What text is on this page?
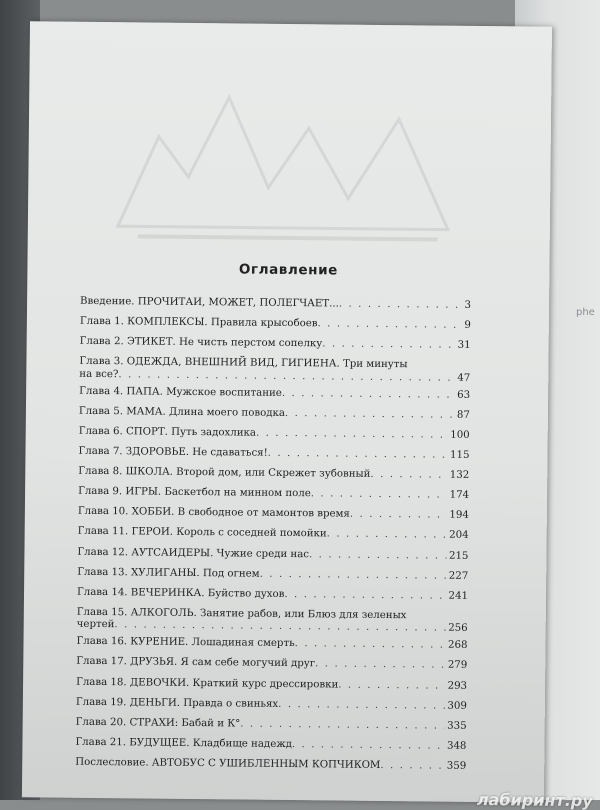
phe
Оглавление
Введение. ПРОЧИТАЙ, МОЖЕТ, ПОЛЕГЧАЕТ... . . .	3
Глава 1. КОМПЛЕКСЫ. Правила крысобоев . . .	9
Глава 2. ЭТИКЕТ. Не чисть перстом сопелку . . .	31
Глава 3. ОДЕЖДА, ВНЕШНИЙ ВИД, ГИГИЕНА. Три минуты
на все? . . .	47
Глава 4. ПАПА. Мужское воспитание . . .	63
Глава 5. МАМА. Длина моего поводка . . .	87
Глава 6. СПОРТ. Путь задохлика . . .	100
Глава 7. ЗДОРОВЬЕ. Не сдаваться! . . .	115
Глава 8. ШКОЛА. Второй дом, или Скрежет зубовный . . .	132
Глава 9. ИГРЫ. Баскетбол на минном поле . . .	174
Глава 10. ХОББИ. В свободное от мамонтов время . . .	194
Глава 11. ГЕРОИ. Король с соседней помойки . . .	204
Глава 12. АУТСАЙДЕРЫ. Чужие среди нас . . .	215
Глава 13. ХУЛИГАНЫ. Под огнем . . .	227
Глава 14. ВЕЧЕРИНКА. Буйство духов . . .	241
Глава 15. АЛКОГОЛЬ. Занятие рабов, или Блюз для зеленых
чертей . . .	256
Глава 16. КУРЕНИЕ. Лошадиная смерть . . .	268
Глава 17. ДРУЗЬЯ. Я сам себе могучий друг . . .	279
Глава 18. ДЕВОЧКИ. Краткий курс дрессировки . . .	293
Глава 19. ДЕНЬГИ. Правда о свиньях . . .	309
Глава 20. СТРАХИ: Бабай и К° . . .	335
Глава 21. БУДУЩЕЕ. Кладбище надежд . . .	348
Послесловие. АВТОБУС С УШИБЛЕННЫМ КОПЧИКОМ . . .	359
лабиринт.ру
